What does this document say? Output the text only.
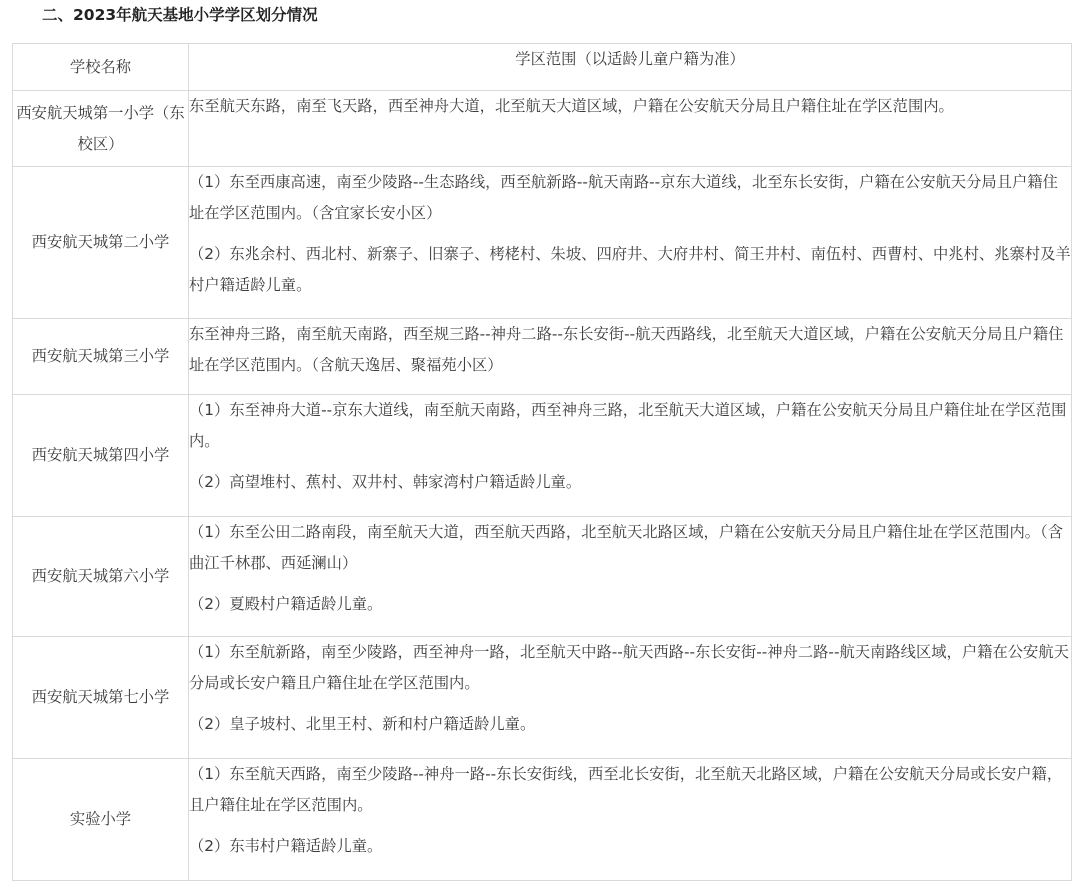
二、2023年航天基地小学学区划分情况
学校名称	学区范围（以适龄儿童户籍为准）
西安航天城第一小学（东校区）	东至航天东路，南至飞天路，西至神舟大道，北至航天大道区域，户籍在公安航天分局且户籍住址在学区范围内。

西安航天城第二小学	（1）东至西康高速，南至少陵路--生态路线，西至航新路--航天南路--京东大道线，北至东长安街，户籍在公安航天分局且户籍住址在学区范围内。（含宜家长安小区）

（2）东兆余村、西北村、新寨子、旧寨子、栲栳村、朱坡、四府井、大府井村、简王井村、南伍村、西曹村、中兆村、兆寨村及羊村户籍适龄儿童。

西安航天城第三小学	东至神舟三路，南至航天南路，西至规三路--神舟二路--东长安街--航天西路线，北至航天大道区域，户籍在公安航天分局且户籍住址在学区范围内。（含航天逸居、聚福苑小区）

西安航天城第四小学	（1）东至神舟大道--京东大道线，南至航天南路，西至神舟三路，北至航天大道区域，户籍在公安航天分局且户籍住址在学区范围内。

（2）高望堆村、蕉村、双井村、韩家湾村户籍适龄儿童。

西安航天城第六小学	（1）东至公田二路南段，南至航天大道，西至航天西路，北至航天北路区域，户籍在公安航天分局且户籍住址在学区范围内。（含曲江千林郡、西延澜山）

（2）夏殿村户籍适龄儿童。

西安航天城第七小学	（1）东至航新路，南至少陵路，西至神舟一路，北至航天中路--航天西路--东长安街--神舟二路--航天南路线区域，户籍在公安航天分局或长安户籍且户籍住址在学区范围内。

（2）皇子坡村、北里王村、新和村户籍适龄儿童。

实验小学	（1）东至航天西路，南至少陵路--神舟一路--东长安街线，西至北长安街，北至航天北路区域，户籍在公安航天分局或长安户籍，且户籍住址在学区范围内。

（2）东韦村户籍适龄儿童。
